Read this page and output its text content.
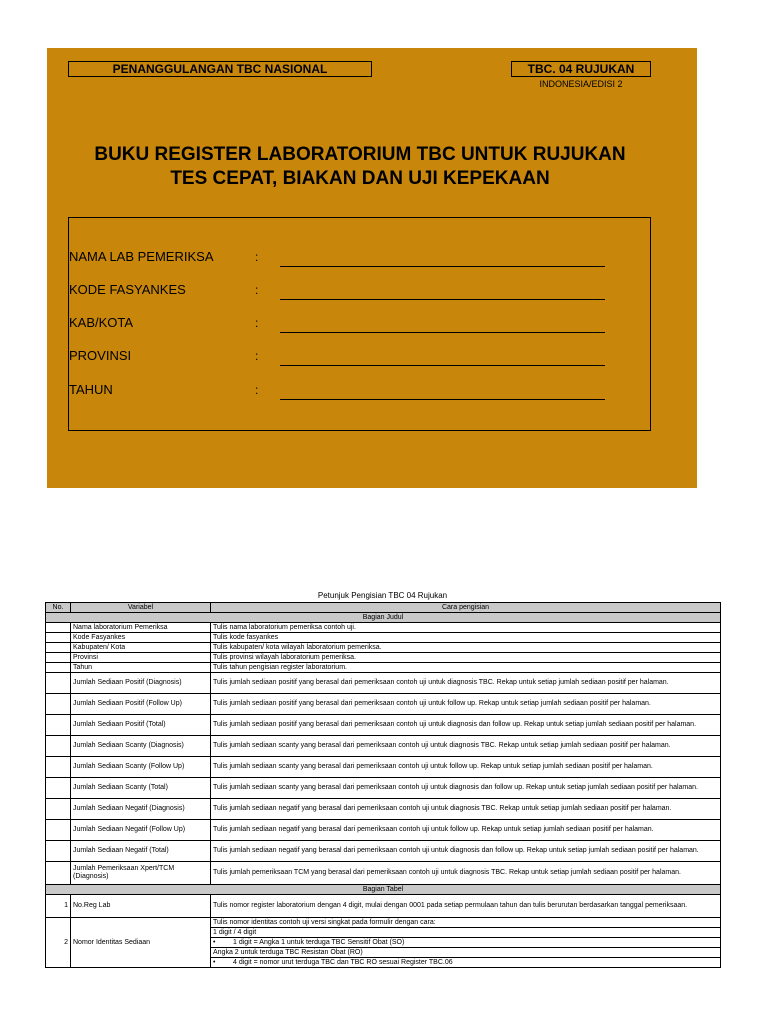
PENANGGULANGAN TBC NASIONAL	TBC. 04 RUJUKAN
INDONESIA/EDISI 2
BUKU REGISTER LABORATORIUM TBC UNTUK RUJUKAN
TES CEPAT, BIAKAN DAN UJI KEPEKAAN
NAMA LAB PEMERIKSA	:
KODE FASYANKES	:
KAB/KOTA	:
PROVINSI	:
TAHUN	:
Petunjuk Pengisian TBC 04 Rujukan
No.	Variabel	Cara pengisian
Bagian Judul		
	Nama laboratorium Pemeriksa	Tulis nama laboratorium pemeriksa contoh uji.
	Kode Fasyankes	Tulis kode fasyankes
	Kabupaten/ Kota	Tulis kabupaten/ kota wilayah laboratorium pemeriksa.
	Provinsi	Tulis provinsi wilayah laboratorium pemeriksa.
	Tahun	Tulis tahun pengisian register laboratorium.
	Jumlah Sediaan Positif (Diagnosis)	Tulis jumlah sediaan positif yang berasal dari pemeriksaan contoh uji untuk diagnosis TBC. Rekap untuk setiap jumlah sediaan positif per halaman.
	Jumlah Sediaan Positif (Follow Up)	Tulis jumlah sediaan positif yang berasal dari pemeriksaan contoh uji untuk follow up. Rekap untuk setiap jumlah sediaan positif per halaman.
	Jumlah Sediaan Positif (Total)	Tulis jumlah sediaan positif yang berasal dari pemeriksaan contoh uji untuk diagnosis dan follow up. Rekap untuk setiap jumlah sediaan positif per halaman.
	Jumlah Sediaan Scanty (Diagnosis)	Tulis jumlah sediaan scanty yang berasal dari pemeriksaan contoh uji untuk diagnosis TBC. Rekap untuk setiap jumlah sediaan positif per halaman.
	Jumlah Sediaan Scanty (Follow Up)	Tulis jumlah sediaan scanty yang berasal dari pemeriksaan contoh uji untuk follow up. Rekap untuk setiap jumlah sediaan positif per halaman.
	Jumlah Sediaan Scanty (Total)	Tulis jumlah sediaan scanty yang berasal dari pemeriksaan contoh uji untuk diagnosis dan follow up. Rekap untuk setiap jumlah sediaan positif per halaman.
	Jumlah Sediaan Negatif (Diagnosis)	Tulis jumlah sediaan negatif yang berasal dari pemeriksaan contoh uji untuk diagnosis TBC. Rekap untuk setiap jumlah sediaan positif per halaman.
	Jumlah Sediaan Negatif (Follow Up)	Tulis jumlah sediaan negatif yang berasal dari pemeriksaan contoh uji untuk follow up. Rekap untuk setiap jumlah sediaan positif per halaman.
	Jumlah Sediaan Negatif (Total)	Tulis jumlah sediaan negatif yang berasal dari pemeriksaan contoh uji untuk diagnosis dan follow up. Rekap untuk setiap jumlah sediaan positif per halaman.
	Jumlah Pemeriksaan Xpert/TCM (Diagnosis)	Tulis jumlah pemeriksaan TCM yang berasal dari pemeriksaan contoh uji untuk diagnosis TBC. Rekap untuk setiap jumlah sediaan positif per halaman.
Bagian Tabel		
1	No.Reg Lab	Tulis nomor register laboratorium dengan 4 digit, mulai dengan 0001 pada setiap permulaan tahun dan tulis berurutan berdasarkan tanggal pemeriksaan.
2	Nomor Identitas Sediaan	Tulis nomor identitas contoh uji versi singkat pada formulir dengan cara:
		1 digit / 4 digit
		• 1 digit = Angka 1 untuk terduga TBC Sensitif Obat (SO)
		Angka 2 untuk terduga TBC Resistan Obat (RO)
		• 4 digit = nomor urut terduga TBC dan TBC RO sesuai Register TBC.06
